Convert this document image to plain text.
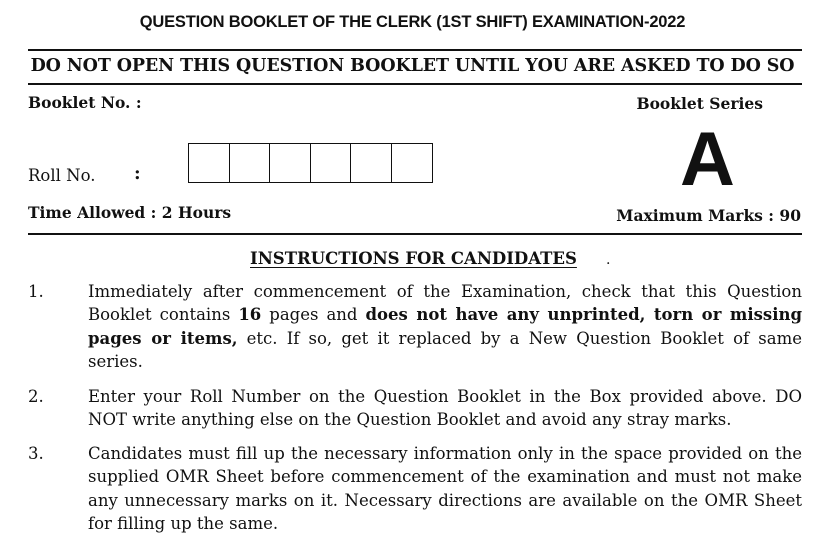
QUESTION BOOKLET OF THE CLERK (1ST SHIFT) EXAMINATION-2022
DO NOT OPEN THIS QUESTION BOOKLET UNTIL YOU ARE ASKED TO DO SO
Booklet No. :	Booklet Series
A
Roll No. :
Time Allowed : 2 Hours	Maximum Marks : 90
INSTRUCTIONS FOR CANDIDATES .
1.	Immediately after commencement of the Examination, check that this Question Booklet contains 16 pages and does not have any unprinted, torn or missing pages or items, etc. If so, get it replaced by a New Question Booklet of same series.
2.	Enter your Roll Number on the Question Booklet in the Box provided above. DO NOT write anything else on the Question Booklet and avoid any stray marks.
3.	Candidates must fill up the necessary information only in the space provided on the supplied OMR Sheet before commencement of the examination and must not make any unnecessary marks on it. Necessary directions are available on the OMR Sheet for filling up the same.
